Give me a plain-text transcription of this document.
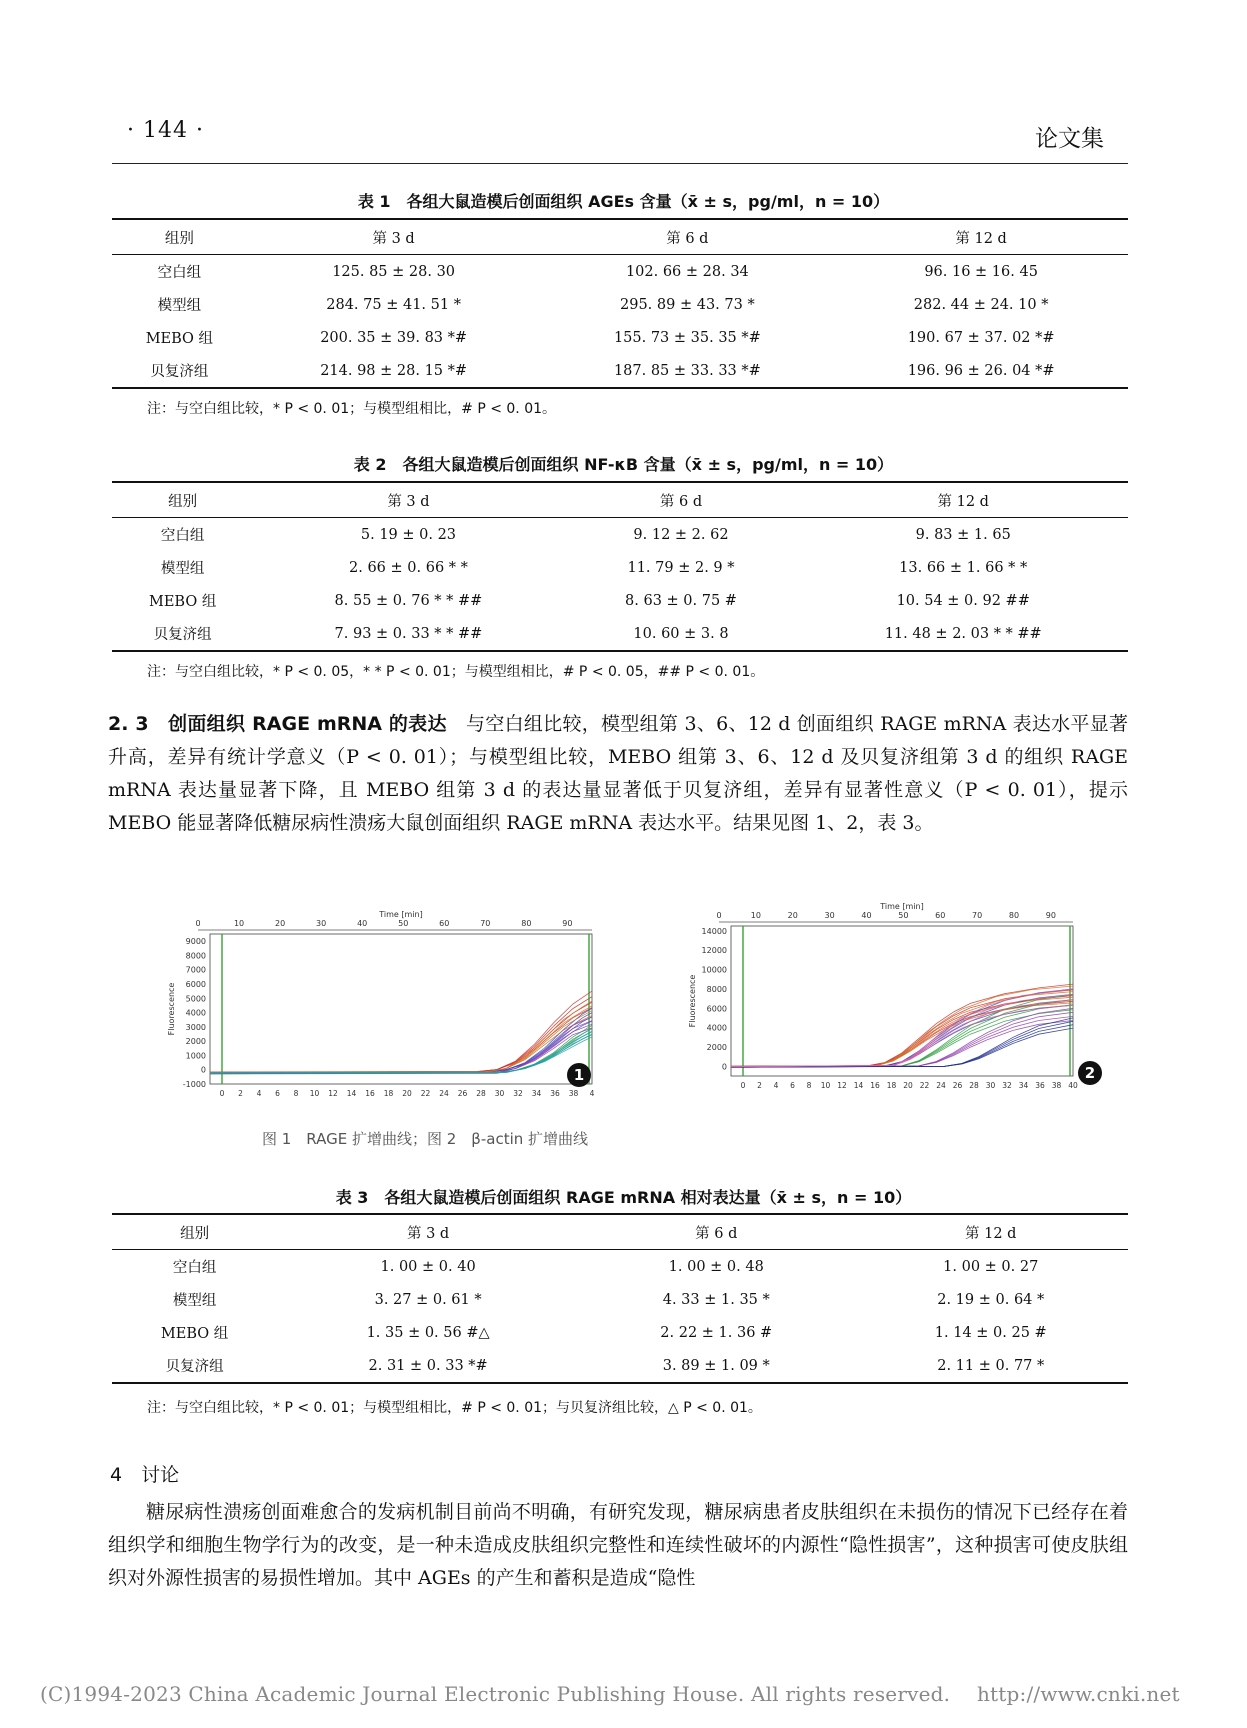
· 144 ·	论文集
表 1　各组大鼠造模后创面组织 AGEs 含量（x̄ ± s，pg/ml，n = 10）
组别	第 3 d	第 6 d	第 12 d
空白组	125. 85 ± 28. 30	102. 66 ± 28. 34	96. 16 ± 16. 45
模型组	284. 75 ± 41. 51 *	295. 89 ± 43. 73 *	282. 44 ± 24. 10 *
MEBO 组	200. 35 ± 39. 83 *#	155. 73 ± 35. 35 *#	190. 67 ± 37. 02 *#
贝复济组	214. 98 ± 28. 15 *#	187. 85 ± 33. 33 *#	196. 96 ± 26. 04 *#
注：与空白组比较，* P < 0. 01；与模型组相比，# P < 0. 01。
表 2　各组大鼠造模后创面组织 NF-κB 含量（x̄ ± s，pg/ml，n = 10）
组别	第 3 d	第 6 d	第 12 d
空白组	5. 19 ± 0. 23	9. 12 ± 2. 62	9. 83 ± 1. 65
模型组	2. 66 ± 0. 66 * *	11. 79 ± 2. 9 *	13. 66 ± 1. 66 * *
MEBO 组	8. 55 ± 0. 76 * * ##	8. 63 ± 0. 75 #	10. 54 ± 0. 92 ##
贝复济组	7. 93 ± 0. 33 * * ##	10. 60 ± 3. 8	11. 48 ± 2. 03 * * ##
注：与空白组比较，* P < 0. 05，* * P < 0. 01；与模型组相比，# P < 0. 05，## P < 0. 01。
2. 3　创面组织 RAGE mRNA 的表达　 与空白组比较，模型组第 3、6、12 d 创面组织 RAGE mRNA 表达水平显著升高，差异有统计学意义（P < 0. 01）；与模型组比较，MEBO 组第 3、6、12 d 及贝复济组第 3 d 的组织 RAGE mRNA 表达量显著下降，且 MEBO 组第 3 d 的表达量显著低于贝复济组，差异有显著性意义（P < 0. 01），提示 MEBO 能显著降低糖尿病性溃疡大鼠创面组织 RAGE mRNA 表达水平。结果见图 1、2，表 3。
Time [min]
0	10	20	30	40	50	60	70	80	90
9000
8000
7000
6000
5000
4000
3000
2000
1000
0
-1000
0 2 4 6 8 10 12 14 16 18 20 22 24 26 28 30 32 34 36 38 4
Fluorescence
1
Time [min]
0	10	20	30	40	50	60	70	80	90
14000
12000
10000
8000
6000
4000
2000
0
0 2 4 6 8 10 12 14 16 18 20 22 24 26 28 30 32 34 36 38 40
Fluorescence
2
图 1　RAGE 扩增曲线；图 2　β-actin 扩增曲线
表 3　各组大鼠造模后创面组织 RAGE mRNA 相对表达量（x̄ ± s，n = 10）
组别	第 3 d	第 6 d	第 12 d
空白组	1. 00 ± 0. 40	1. 00 ± 0. 48	1. 00 ± 0. 27
模型组	3. 27 ± 0. 61 *	4. 33 ± 1. 35 *	2. 19 ± 0. 64 *
MEBO 组	1. 35 ± 0. 56 #△	2. 22 ± 1. 36 #	1. 14 ± 0. 25 #
贝复济组	2. 31 ± 0. 33 *#	3. 89 ± 1. 09 *	2. 11 ± 0. 77 *
注：与空白组比较，* P < 0. 01；与模型组相比，# P < 0. 01；与贝复济组比较，△ P < 0. 01。
4　讨论
糖尿病性溃疡创面难愈合的发病机制目前尚不明确，有研究发现，糖尿病患者皮肤组织在未损伤的情况下已经存在着组织学和细胞生物学行为的改变，是一种未造成皮肤组织完整性和连续性破坏的内源性“隐性损害”，这种损害可使皮肤组织对外源性损害的易损性增加。其中 AGEs 的产生和蓄积是造成“隐性
(C)1994-2023 China Academic Journal Electronic Publishing House. All rights reserved.　 http://www.cnki.net
